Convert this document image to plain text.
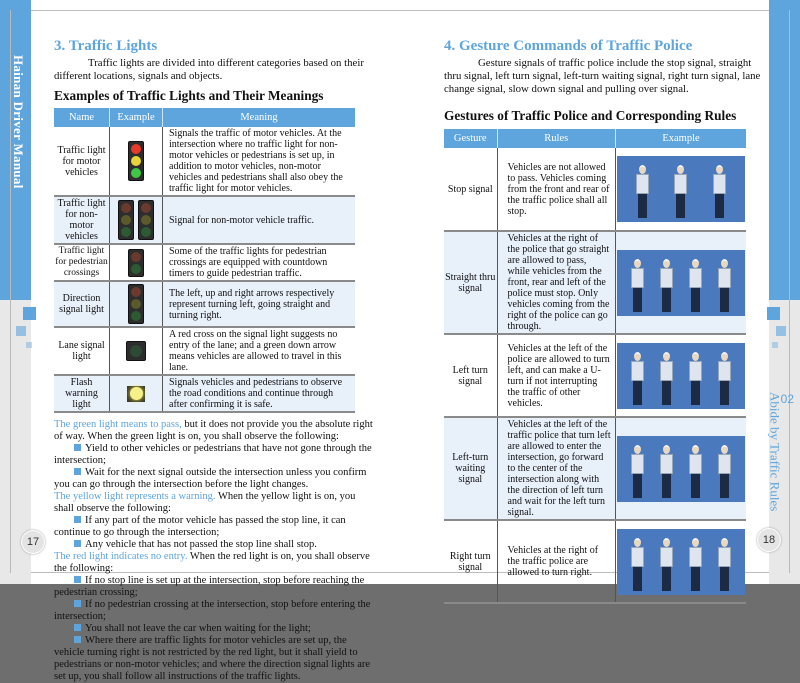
Hainan Driver Manual
17
3. Traffic Lights

Traffic lights are divided into different categories based on their different locations, signals and objects.

Examples of Traffic Lights and Their Meanings
Name	Example	Meaning
Traffic light for motor vehicles		Signals the traffic of motor vehicles. At the intersection where no traffic light for non-motor vehicles or pedestrians is set up, in addition to motor vehicles, non-motor vehicles and pedestrians shall also obey the traffic light for motor vehicles.
Traffic light for non-motor vehicles		Signal for non-motor vehicle traffic.
Traffic light for pedestrian crossings		Some of the traffic lights for pedestrian crossings are equipped with countdown timers to guide pedestrian traffic.
Direction signal light		The left, up and right arrows respectively represent turning left, going straight and turning right.
Lane signal light		A red cross on the signal light suggests no entry of the lane; and a green down arrow means vehicles are allowed to travel in this lane.
Flash warning light		Signals vehicles and pedestrians to observe the road conditions and continue through after confirming it is safe.

The green light means to pass, but it does not provide you the absolute right of way. When the green light is on, you shall observe the following:

Yield to other vehicles or pedestrians that have not gone through the intersection;

Wait for the next signal outside the intersection unless you confirm you can go through the intersection before the light changes.

The yellow light represents a warning. When the yellow light is on, you shall observe the following:

If any part of the motor vehicle has passed the stop line, it can continue to go through the intersection;

Any vehicle that has not passed the stop line shall stop.

The red light indicates no entry. When the red light is on, you shall observe the following:

If no stop line is set up at the intersection, stop before reaching the pedestrian crossing;

If no pedestrian crossing at the intersection, stop before entering the intersection;

You shall not leave the car when waiting for the light;

Where there are traffic lights for motor vehicles are set up, the vehicle turning right is not restricted by the red light, but it shall yield to pedestrians or non-motor vehicles; and where the direction signal lights are set up, you shall follow all instructions of the traffic lights.

02
Abide by Traffic Rules
18
4. Gesture Commands of Traffic Police

Gesture signals of traffic police include the stop signal, straight thru signal, left turn signal, left-turn waiting signal, right turn signal, lane change signal, slow down signal and pulling over signal.

Gestures of Traffic Police and Corresponding Rules
Gesture	Rules	Example
Stop signal	Vehicles are not allowed to pass. Vehicles coming from the front and rear of the traffic police shall all stop.	

Straight thru signal	Vehicles at the right of the police that go straight are allowed to pass, while vehicles from the front, rear and left of the police must stop. Only vehicles coming from the right of the police can go through.	

Left turn signal	Vehicles at the left of the police are allowed to turn left, and can make a U-turn if not interrupting the traffic of other vehicles.	

Left-turn waiting signal	Vehicles at the left of the traffic police that turn left are allowed to enter the intersection, go forward to the center of the intersection along with the direction of left turn and wait for the left turn signal.	

Right turn signal	Vehicles at the right of the traffic police are allowed to turn right.	
